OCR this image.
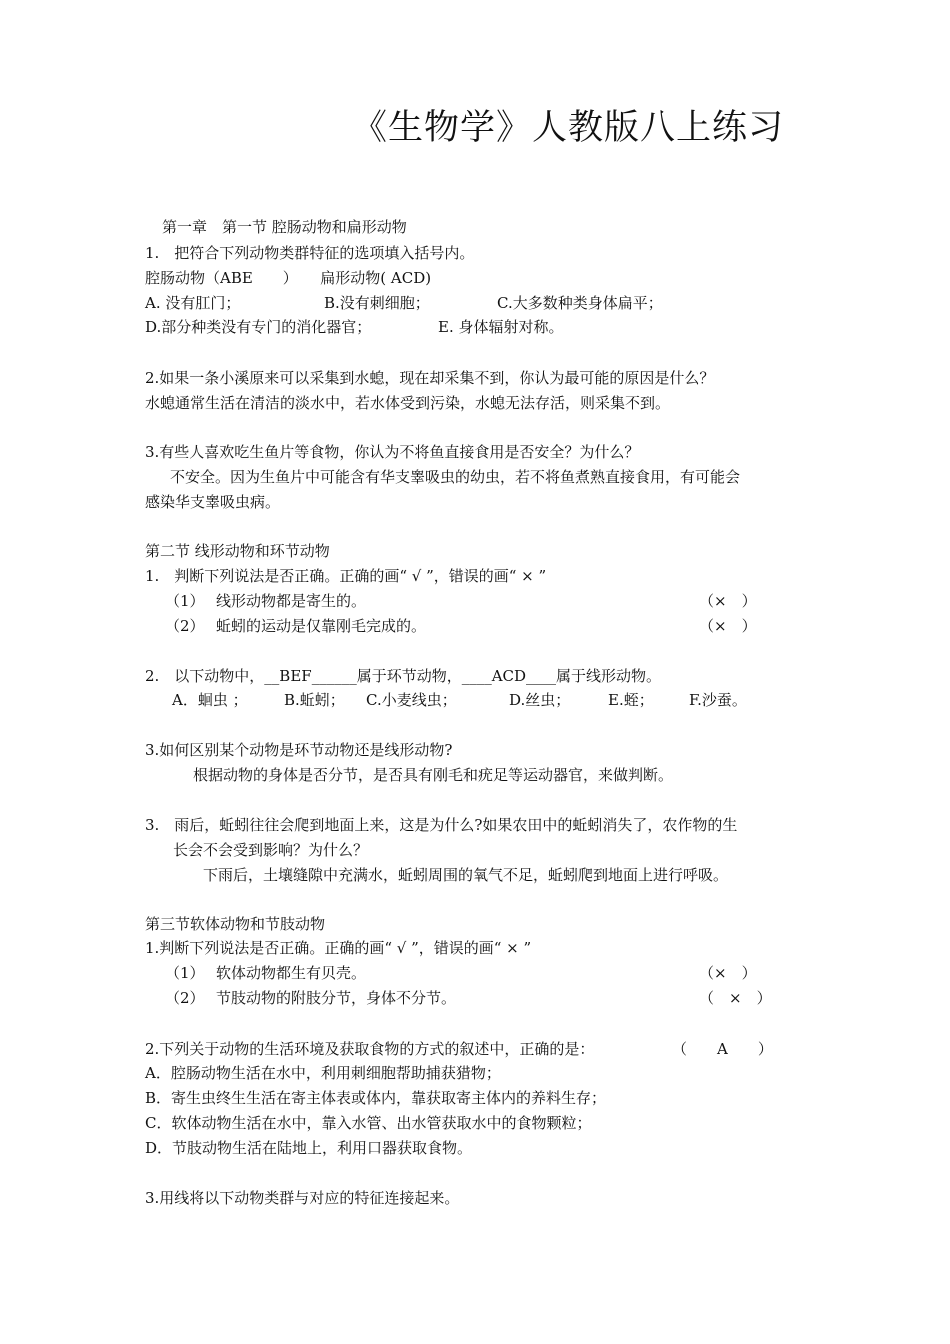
《生物学》人教版八上练习
第一章　第一节 腔肠动物和扁形动物
1.　把符合下列动物类群特征的选项填入括号内。
腔肠动物（ABE　　）　　扁形动物( ACD)
A. 没有肛门；	B.没有刺细胞；	C.大多数种类身体扁平；
D.部分种类没有专门的消化器官；	E. 身体辐射对称。
2.如果一条小溪原来可以采集到水螅，现在却采集不到，你认为最可能的原因是什么？
水螅通常生活在清洁的淡水中，若水体受到污染，水螅无法存活，则采集不到。
3.有些人喜欢吃生鱼片等食物，你认为不将鱼直接食用是否安全？为什么？
不安全。因为生鱼片中可能含有华支睾吸虫的幼虫，若不将鱼煮熟直接食用，有可能会
感染华支睾吸虫病。
第二节 线形动物和环节动物
1.　判断下列说法是否正确。正确的画“ √ ”，错误的画“ × ”
（1） 线形动物都是寄生的。	（×　）
（2） 蚯蚓的运动是仅靠刚毛完成的。	（×　）
2.　以下动物中，__BEF______属于环节动物，____ACD____属于线形动物。
A．蛔虫 ； B.蚯蚓； C.小麦线虫；	D.丝虫；	E.蛭； F.沙蚕。
3.如何区别某个动物是环节动物还是线形动物?
根据动物的身体是否分节，是否具有刚毛和疣足等运动器官，来做判断。
3.　雨后，蚯蚓往往会爬到地面上来，这是为什么?如果农田中的蚯蚓消失了，农作物的生
长会不会受到影响？为什么？
下雨后，土壤缝隙中充满水，蚯蚓周围的氧气不足，蚯蚓爬到地面上进行呼吸。
第三节软体动物和节肢动物
1.判断下列说法是否正确。正确的画“ √ ”，错误的画“ × ”
（1） 软体动物都生有贝壳。	（×　）
（2） 节肢动物的附肢分节，身体不分节。	（　×　）
2.下列关于动物的生活环境及获取食物的方式的叙述中，正确的是：	（　　A　　）
A．腔肠动物生活在水中，利用刺细胞帮助捕获猎物；
B．寄生虫终生生活在寄主体表或体内，靠获取寄主体内的养料生存；
C．软体动物生活在水中，靠入水管、出水管获取水中的食物颗粒；
D．节肢动物生活在陆地上，利用口器获取食物。
3.用线将以下动物类群与对应的特征连接起来。
